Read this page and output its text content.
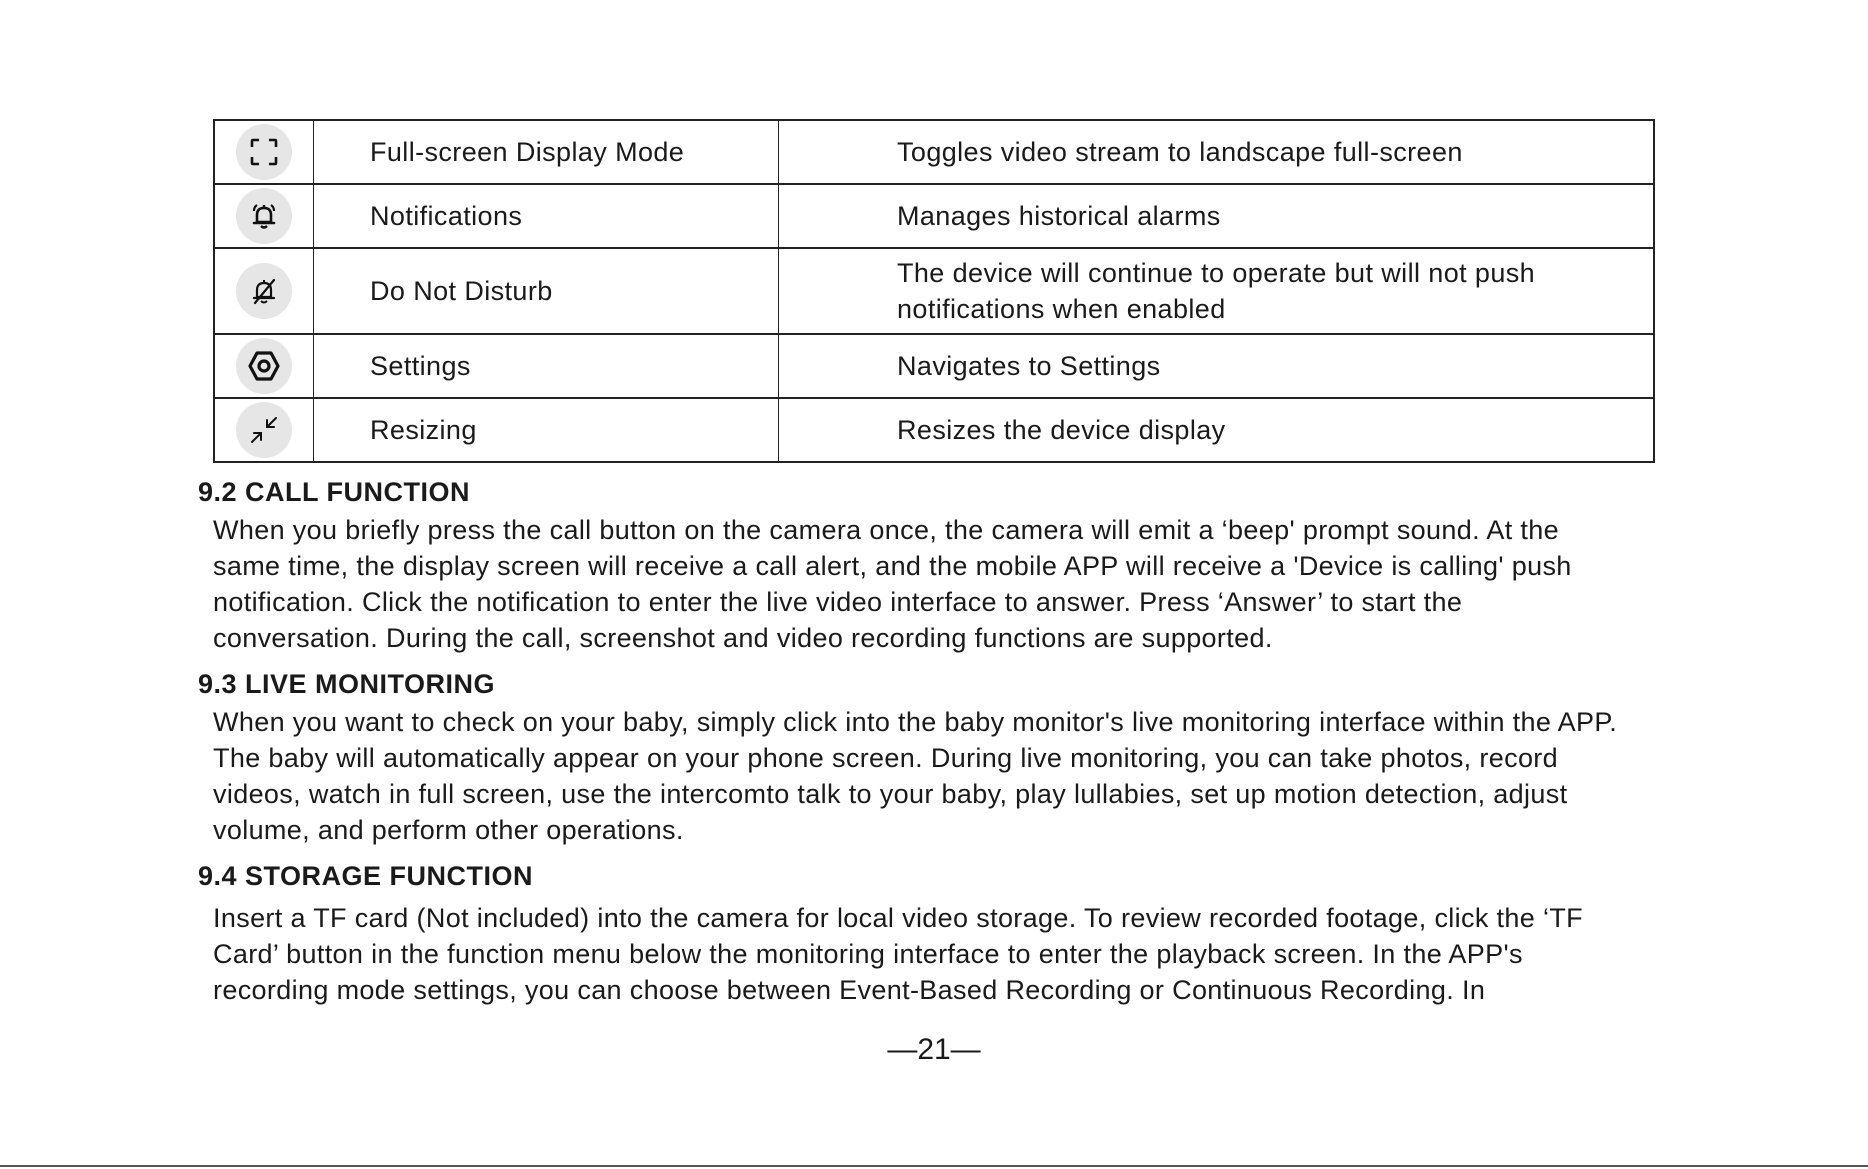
	Full-screen Display Mode	Toggles video stream to landscape full-screen

	Notifications	Manages historical alarms

	Do Not Disturb	The device will continue to operate but will not push
notifications when enabled

	Settings	Navigates to Settings

	Resizing	Resizes the device display
9.2 CALL FUNCTION
When you briefly press the call button on the camera once, the camera will emit a ‘beep' prompt sound. At the
same time, the display screen will receive a call alert, and the mobile APP will receive a 'Device is calling' push
notification. Click the notification to enter the live video interface to answer. Press ‘Answer’ to start the
conversation. During the call, screenshot and video recording functions are supported.
9.3 LIVE MONITORING
When you want to check on your baby, simply click into the baby monitor's live monitoring interface within the APP.
The baby will automatically appear on your phone screen. During live monitoring, you can take photos, record
videos, watch in full screen, use the intercomto talk to your baby, play lullabies, set up motion detection, adjust
volume, and perform other operations.
9.4 STORAGE FUNCTION
Insert a TF card (Not included) into the camera for local video storage. To review recorded footage, click the ‘TF
Card’ button in the function menu below the monitoring interface to enter the playback screen. In the APP's
recording mode settings, you can choose between Event-Based Recording or Continuous Recording. In
—21—
